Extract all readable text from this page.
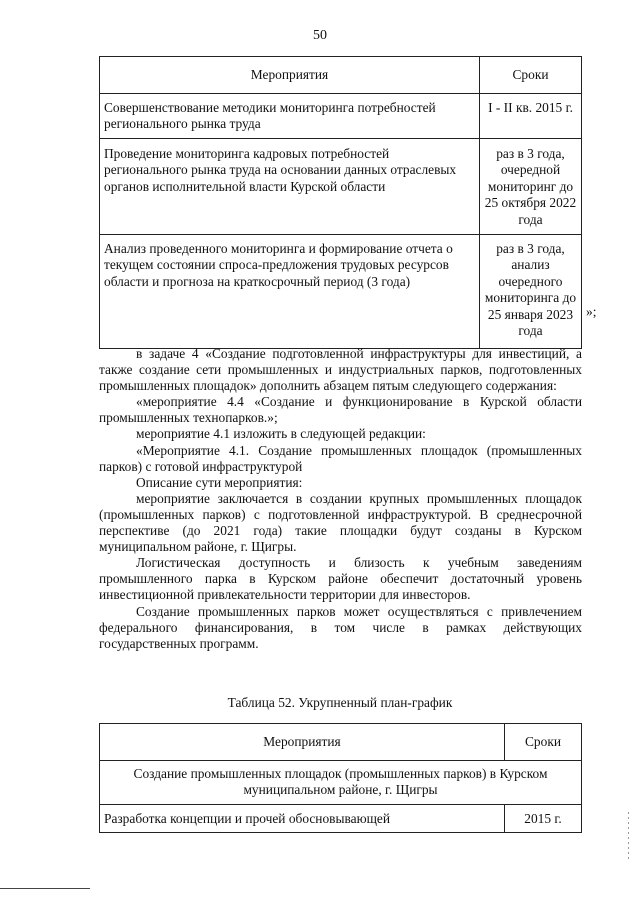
50
Мероприятия	Сроки
Совершенствование методики мониторинга потребностей регионального рынка труда	I - II кв. 2015 г.
Проведение мониторинга кадровых потребностей регионального рынка труда на основании данных отраслевых органов исполнительной власти Курской области	раз в 3 года, очередной мониторинг до 25 октября 2022 года
Анализ проведенного мониторинга и формирование отчета о текущем состоянии спроса-предложения трудовых ресурсов области и прогноза на краткосрочный период (3 года)	раз в 3 года, анализ очередного мониторинга до 25 января 2023 года
»;

в задаче 4 «Создание подготовленной инфраструктуры для инвестиций, а также создание сети промышленных и индустриальных парков, подготовленных промышленных площадок» дополнить абзацем пятым следующего содержания:

«мероприятие 4.4 «Создание и функционирование в Курской области промышленных технопарков.»;

мероприятие 4.1 изложить в следующей редакции:

«Мероприятие 4.1. Создание промышленных площадок (промышленных парков) с готовой инфраструктурой

Описание сути мероприятия:

мероприятие заключается в создании крупных промышленных площадок (промышленных парков) с подготовленной инфраструктурой. В среднесрочной перспективе (до 2021 года) такие площадки будут созданы в Курском муниципальном районе, г. Щигры.

Логистическая доступность и близость к учебным заведениям промышленного парка в Курском районе обеспечит достаточный уровень инвестиционной привлекательности территории для инвесторов.

Создание промышленных парков может осуществляться с привлечением федерального финансирования, в том числе в рамках действующих государственных программ.

Таблица 52. Укрупненный план-график
Мероприятия	Сроки
Создание промышленных площадок (промышленных парков) в Курском муниципальном районе, г. Щигры	
Разработка концепции и прочей обосновывающей	2015 г.
